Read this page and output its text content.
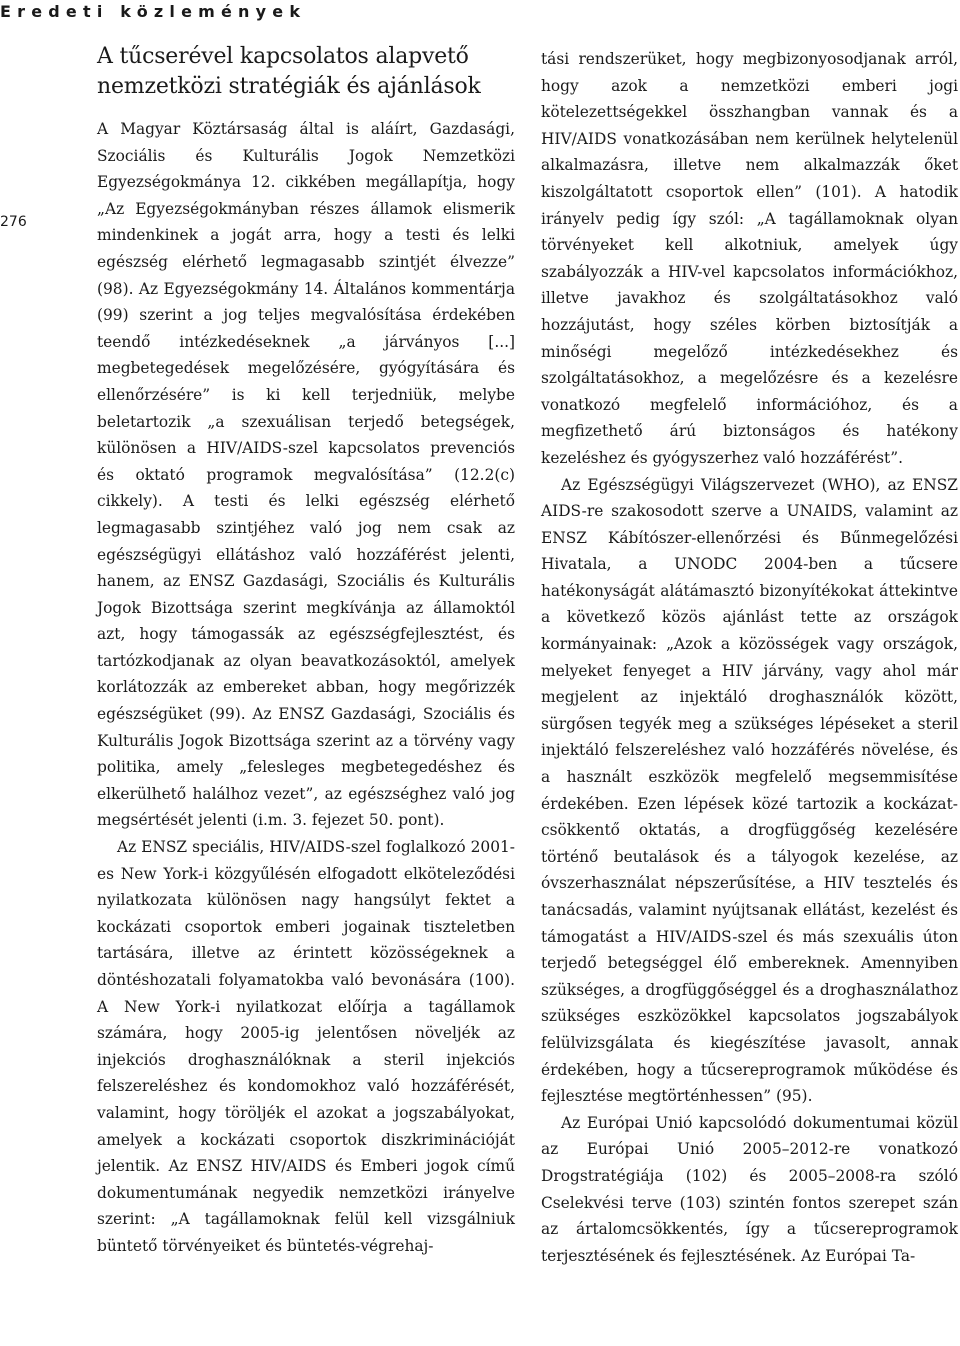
Eredeti közlemények
276
A tűcserével kapcsolatos alapvető nemzetközi stratégiák és ajánlások

A Magyar Köztársaság által is aláírt, Gazdasági, Szociális és Kulturális Jogok Nemzetközi Egyezségokmánya 12. cikkében megállapítja, hogy „Az Egyezségokmányban részes államok elismerik mindenkinek a jogát arra, hogy a testi és lelki egészség elérhető legmagasabb szintjét élvezze” (98). Az Egyezségokmány 14. Általános kommentárja (99) szerint a jog teljes megvalósítása érdekében teendő intézkedéseknek „a járványos [...] megbetegedések megelőzésére, gyógyítására és ellenőrzésére” is ki kell terjedniük, melybe beletartozik „a szexuálisan terjedő betegségek, különösen a HIV/AIDS-szel kapcsolatos prevenciós és oktató programok megvalósítása” (12.2(c) cikkely). A testi és lelki egészség elérhető legmagasabb szintjéhez való jog nem csak az egészségügyi ellátáshoz való hozzáférést jelenti, hanem, az ENSZ Gazdasági, Szociális és Kulturális Jogok Bizottsága szerint megkívánja az államoktól azt, hogy támogassák az egészségfejlesztést, és tartózkodjanak az olyan beavatkozásoktól, amelyek korlátozzák az embereket abban, hogy megőrizzék egészségüket (99). Az ENSZ Gazdasági, Szociális és Kulturális Jogok Bizottsága szerint az a törvény vagy politika, amely „felesleges megbetegedéshez és elkerülhető halálhoz vezet”, az egészséghez való jog megsértését jelenti (i.m. 3. fejezet 50. pont).

Az ENSZ speciális, HIV/AIDS-szel foglalkozó 2001-es New York-i közgyűlésén elfogadott elköteleződési nyilatkozata különösen nagy hangsúlyt fektet a kockázati csoportok emberi jogainak tiszteletben tartására, illetve az érintett közösségeknek a döntéshozatali folyamatokba való bevonására (100). A New York-i nyilatkozat előírja a tagállamok számára, hogy 2005-ig jelentősen növeljék az injekciós droghasználóknak a steril injekciós felszereléshez és kondomokhoz való hozzáférését, valamint, hogy töröljék el azokat a jogszabályokat, amelyek a kockázati csoportok diszkriminációját jelentik. Az ENSZ HIV/AIDS és Emberi jogok című dokumentumának negyedik nemzetközi irányelve szerint: „A tagállamoknak felül kell vizsgálniuk büntető törvényeiket és büntetés-végrehaj-

tási rendszerüket, hogy megbizonyosodjanak arról, hogy azok a nemzetközi emberi jogi kötelezettségekkel összhangban vannak és a HIV/AIDS vonatkozásában nem kerülnek helytelenül alkalmazásra, illetve nem alkalmazzák őket kiszolgáltatott csoportok ellen” (101). A hatodik irányelv pedig így szól: „A tagállamoknak olyan törvényeket kell alkotniuk, amelyek úgy szabályozzák a HIV-vel kapcsolatos információkhoz, illetve javakhoz és szolgáltatásokhoz való hozzájutást, hogy széles körben biztosítják a minőségi megelőző intézkedésekhez és szolgáltatásokhoz, a megelőzésre és a kezelésre vonatkozó megfelelő információhoz, és a megfizethető árú biztonságos és hatékony kezeléshez és gyógyszerhez való hozzáférést”.

Az Egészségügyi Világszervezet (WHO), az ENSZ AIDS-re szakosodott szerve a UNAIDS, valamint az ENSZ Kábítószer-ellenőrzési és Bűnmegelőzési Hivatala, a UNODC 2004-ben a tűcsere hatékonyságát alátámasztó bizonyítékokat áttekintve a következő közös ajánlást tette az országok kormányainak: „Azok a közösségek vagy országok, melyeket fenyeget a HIV járvány, vagy ahol már megjelent az injektáló droghasználók között, sürgősen tegyék meg a szükséges lépéseket a steril injektáló felszereléshez való hozzáférés növelése, és a használt eszközök megfelelő megsemmisítése érdekében. Ezen lépések közé tartozik a kockázat-csökkentő oktatás, a drogfüggőség kezelésére történő beutalások és a tályogok kezelése, az óvszerhasználat népszerűsítése, a HIV tesztelés és tanácsadás, valamint nyújtsanak ellátást, kezelést és támogatást a HIV/AIDS-szel és más szexuális úton terjedő betegséggel élő embereknek. Amennyiben szükséges, a drogfüggőséggel és a droghasználathoz szükséges eszközökkel kapcsolatos jogszabályok felülvizsgálata és kiegészítése javasolt, annak érdekében, hogy a tűcsereprogramok működése és fejlesztése megtörténhessen” (95).

Az Európai Unió kapcsolódó dokumentumai közül az Európai Unió 2005–2012-re vonatkozó Drogstratégiája (102) és 2005–2008-ra szóló Cselekvési terve (103) szintén fontos szerepet szán az ártalomcsökkentés, így a tűcsereprogramok terjesztésének és fejlesztésének. Az Európai Ta-
